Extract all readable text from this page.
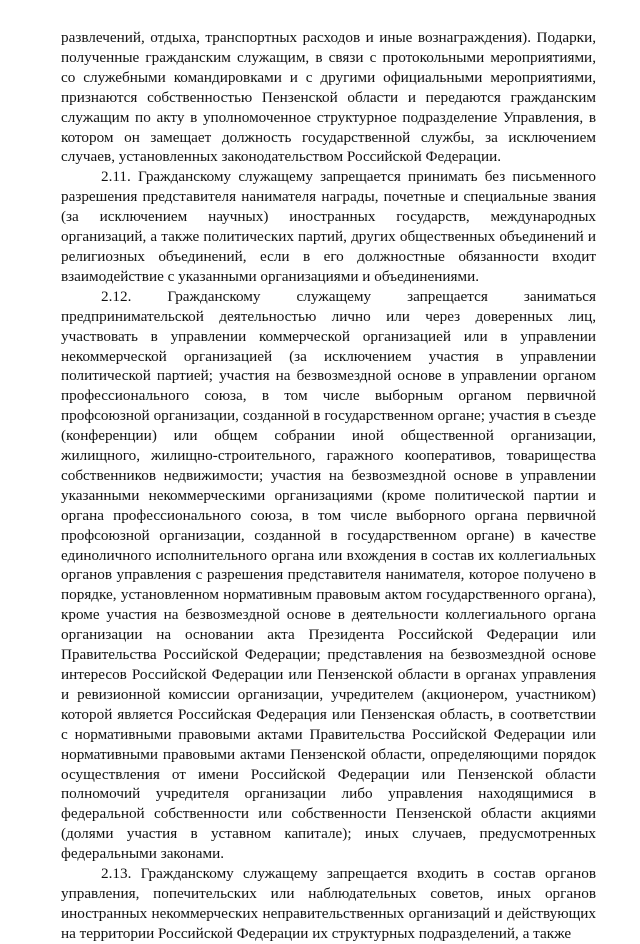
развлечений, отдыха, транспортных расходов и иные вознаграждения). Подарки, полученные гражданским служащим, в связи с протокольными мероприятиями, со служебными командировками и с другими официальными мероприятиями, признаются собственностью Пензенской области и передаются гражданским служащим по акту в уполномоченное структурное подразделение Управления, в котором он замещает должность государственной службы, за исключением случаев, установленных законодательством Российской Федерации.

2.11. Гражданскому служащему запрещается принимать без письменного разрешения представителя нанимателя награды, почетные и специальные звания (за исключением научных) иностранных государств, международных организаций, а также политических партий, других общественных объединений и религиозных объединений, если в его должностные обязанности входит взаимодействие с указанными организациями и объединениями.

2.12. Гражданскому служащему запрещается заниматься предпринимательской деятельностью лично или через доверенных лиц, участвовать в управлении коммерческой организацией или в управлении некоммерческой организацией (за исключением участия в управлении политической партией; участия на безвозмездной основе в управлении органом профессионального союза, в том числе выборным органом первичной профсоюзной организации, созданной в государственном органе; участия в съезде (конференции) или общем собрании иной общественной организации, жилищного, жилищно-строительного, гаражного кооперативов, товарищества собственников недвижимости; участия на безвозмездной основе в управлении указанными некоммерческими организациями (кроме политической партии и органа профессионального союза, в том числе выборного органа первичной профсоюзной организации, созданной в государственном органе) в качестве единоличного исполнительного органа или вхождения в состав их коллегиальных органов управления с разрешения представителя нанимателя, которое получено в порядке, установленном нормативным правовым актом государственного органа), кроме участия на безвозмездной основе в деятельности коллегиального органа организации на основании акта Президента Российской Федерации или Правительства Российской Федерации; представления на безвозмездной основе интересов Российской Федерации или Пензенской области в органах управления и ревизионной комиссии организации, учредителем (акционером, участником) которой является Российская Федерация или Пензенская область, в соответствии с нормативными правовыми актами Правительства Российской Федерации или нормативными правовыми актами Пензенской области, определяющими порядок осуществления от имени Российской Федерации или Пензенской области полномочий учредителя организации либо управления находящимися в федеральной собственности или собственности Пензенской области акциями (долями участия в уставном капитале); иных случаев, предусмотренных федеральными законами.

2.13. Гражданскому служащему запрещается входить в состав органов управления, попечительских или наблюдательных советов, иных органов иностранных некоммерческих неправительственных организаций и действующих на территории Российской Федерации их структурных подразделений, а также
